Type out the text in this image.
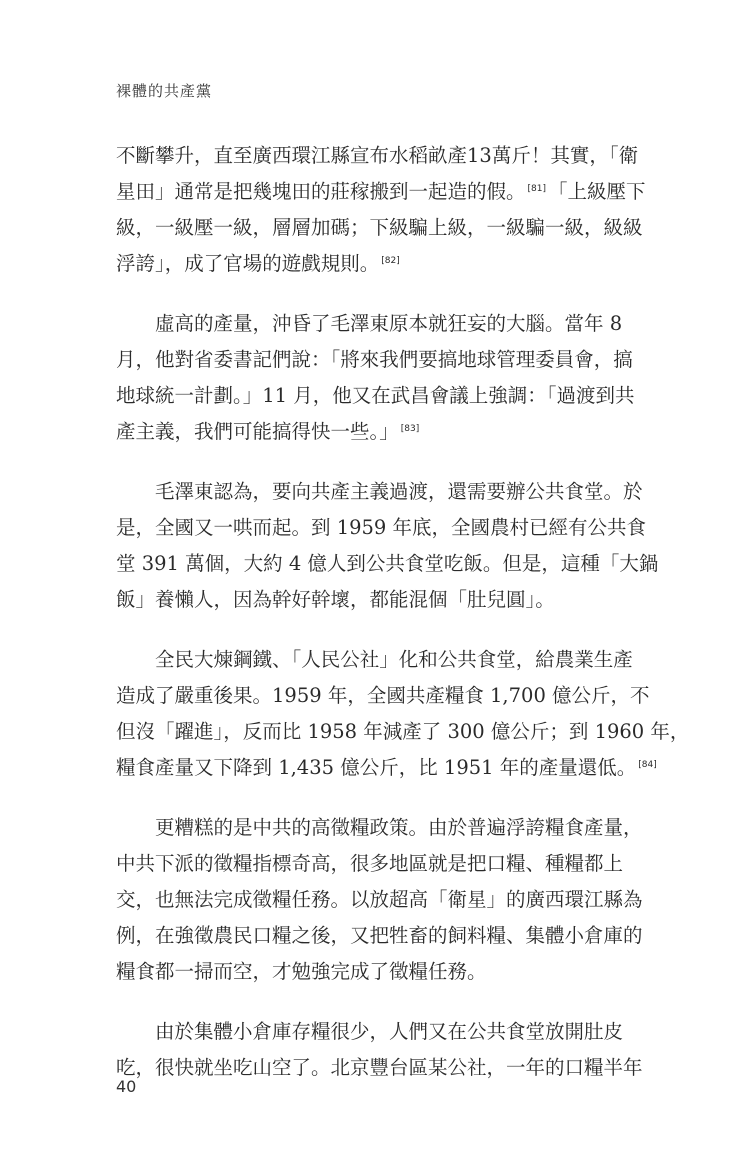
裸體的共產黨
不斷攀升，直至廣西環江縣宣布水稻畝產13萬斤！其實，「衛
星田」通常是把幾塊田的莊稼搬到一起造的假。 [81] 「上級壓下
級，一級壓一級，層層加碼；下級騙上級，一級騙一級，級級
浮誇」，成了官場的遊戲規則。 [82]
虛高的產量，沖昏了毛澤東原本就狂妄的大腦。當年 8
月，他對省委書記們說：「將來我們要搞地球管理委員會，搞
地球統一計劃。」11 月，他又在武昌會議上強調：「過渡到共
產主義，我們可能搞得快一些。」 [83]
毛澤東認為，要向共產主義過渡，還需要辦公共食堂。於
是，全國又一哄而起。到 1959 年底，全國農村已經有公共食
堂 391 萬個，大約 4 億人到公共食堂吃飯。但是，這種「大鍋
飯」養懶人，因為幹好幹壞，都能混個「肚兒圓」。
全民大煉鋼鐵、「人民公社」化和公共食堂，給農業生產
造成了嚴重後果。1959 年，全國共產糧食 1,700 億公斤，不
但沒「躍進」，反而比 1958 年減產了 300 億公斤；到 1960 年，
糧食產量又下降到 1,435 億公斤，比 1951 年的產量還低。 [84]
更糟糕的是中共的高徵糧政策。由於普遍浮誇糧食產量，
中共下派的徵糧指標奇高，很多地區就是把口糧、種糧都上
交，也無法完成徵糧任務。以放超高「衛星」的廣西環江縣為
例，在強徵農民口糧之後，又把牲畜的飼料糧、集體小倉庫的
糧食都一掃而空，才勉強完成了徵糧任務。
由於集體小倉庫存糧很少，人們又在公共食堂放開肚皮
吃，很快就坐吃山空了。北京豐台區某公社，一年的口糧半年
40
